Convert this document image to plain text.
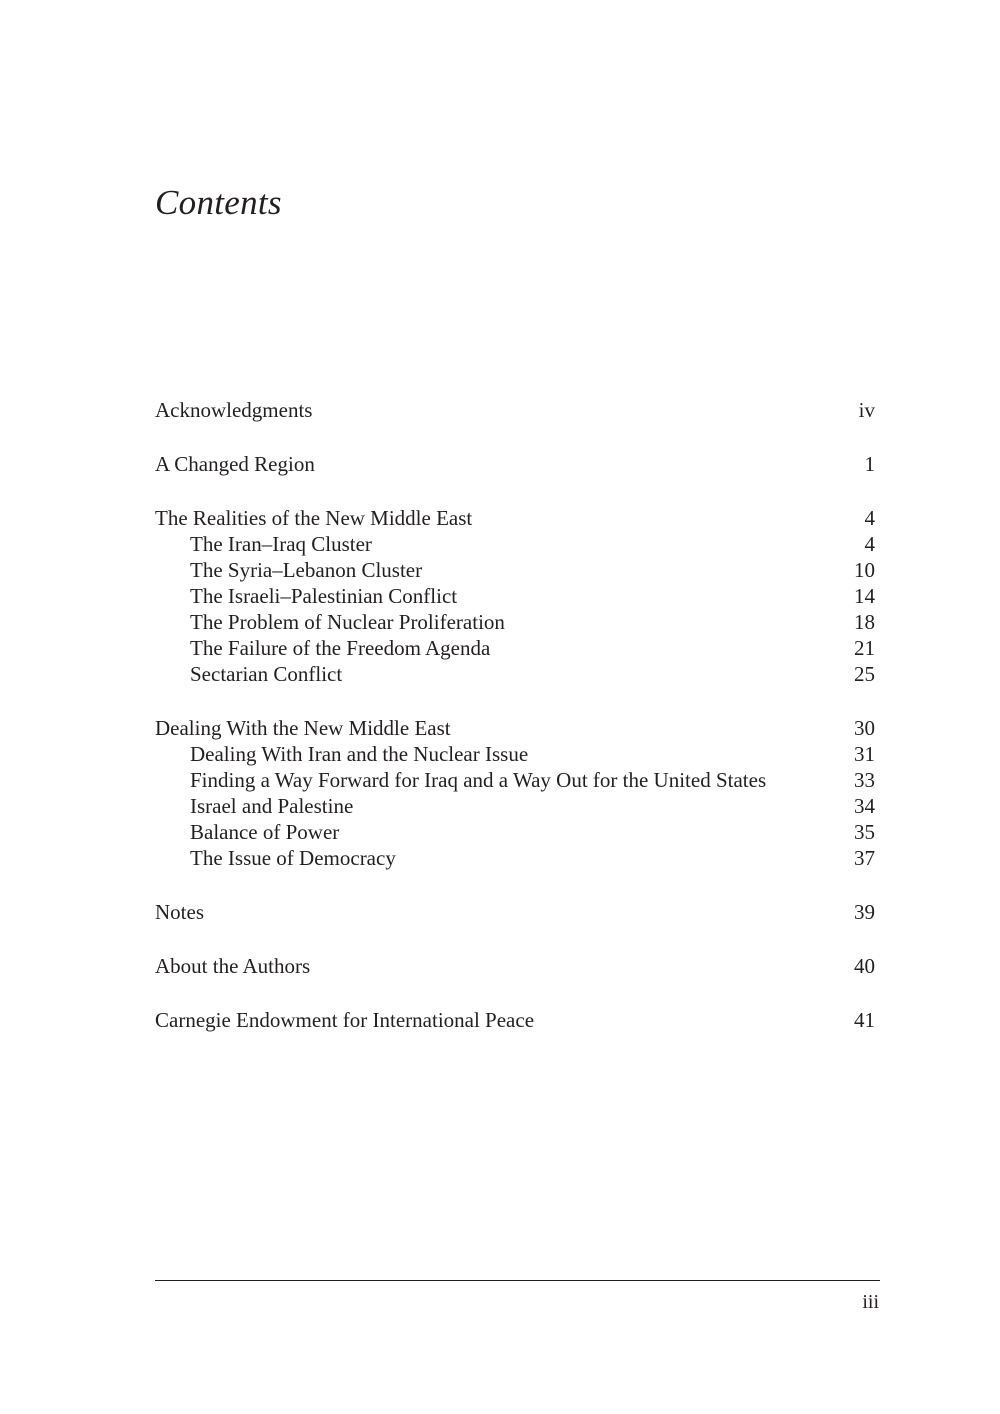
Contents
Acknowledgments	iv
A Changed Region	1
The Realities of the New Middle East	4
The Iran–Iraq Cluster	4
The Syria–Lebanon Cluster	10
The Israeli–Palestinian Conflict	14
The Problem of Nuclear Proliferation	18
The Failure of the Freedom Agenda	21
Sectarian Conflict	25
Dealing With the New Middle East	30
Dealing With Iran and the Nuclear Issue	31
Finding a Way Forward for Iraq and a Way Out for the United States	33
Israel and Palestine	34
Balance of Power	35
The Issue of Democracy	37
Notes	39
About the Authors	40
Carnegie Endowment for International Peace	41
iii
